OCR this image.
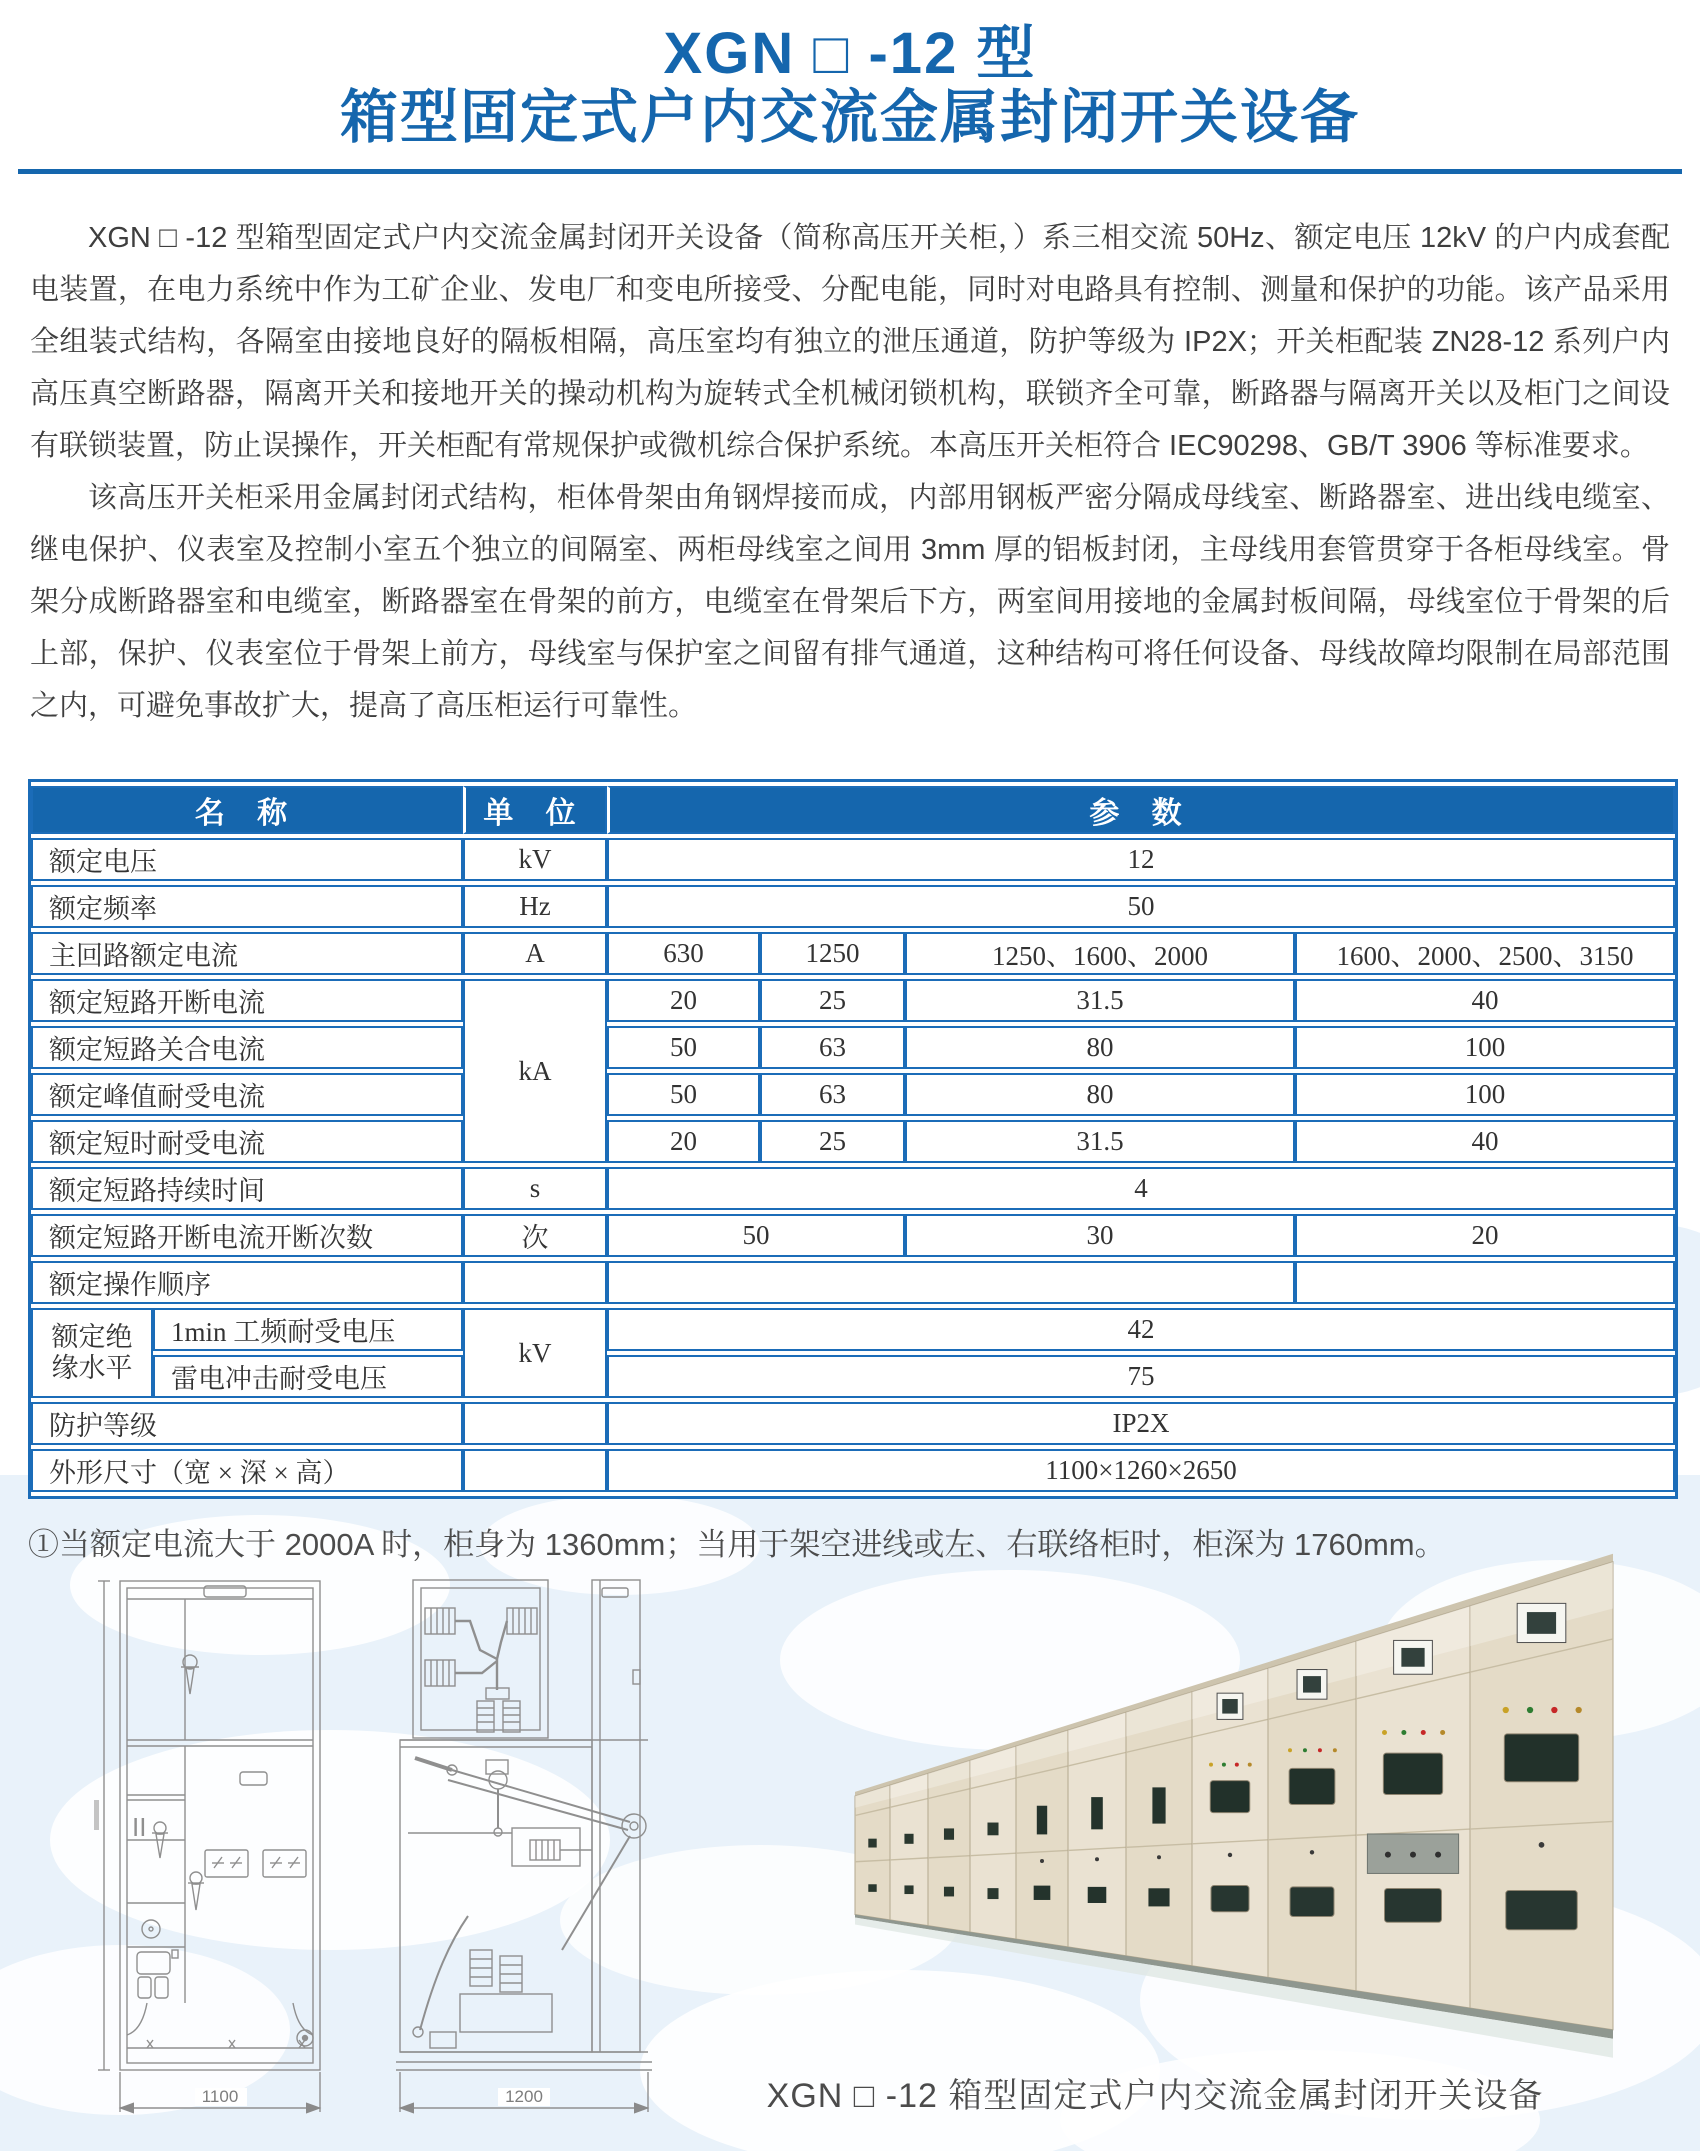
XGN □ -12 型
箱型固定式户内交流金属封闭开关设备

XGN □ -12 型箱型固定式户内交流金属封闭开关设备（简称高压开关柜，）系三相交流 50Hz、额定电压 12kV 的户内成套配电装置，在电力系统中作为工矿企业、发电厂和变电所接受、分配电能，同时对电路具有控制、测量和保护的功能。该产品采用全组装式结构，各隔室由接地良好的隔板相隔，高压室均有独立的泄压通道，防护等级为 IP2X；开关柜配装 ZN28-12 系列户内高压真空断路器，隔离开关和接地开关的操动机构为旋转式全机械闭锁机构，联锁齐全可靠，断路器与隔离开关以及柜门之间设有联锁装置，防止误操作，开关柜配有常规保护或微机综合保护系统。本高压开关柜符合 IEC90298、GB/T 3906 等标准要求。

该高压开关柜采用金属封闭式结构，柜体骨架由角钢焊接而成，内部用钢板严密分隔成母线室、断路器室、进出线电缆室、继电保护、仪表室及控制小室五个独立的间隔室、两柜母线室之间用 3mm 厚的铝板封闭，主母线用套管贯穿于各柜母线室。骨架分成断路器室和电缆室，断路器室在骨架的前方，电缆室在骨架后下方，两室间用接地的金属封板间隔，母线室位于骨架的后上部，保护、仪表室位于骨架上前方，母线室与保护室之间留有排气通道，这种结构可将任何设备、母线故障均限制在局部范围之内，可避免事故扩大，提高了高压柜运行可靠性。

名 称		单 位	参 数			
额定电压		kV	12			
额定频率		Hz	50			
主回路额定电流		A	630	1250	1250、1600、2000	1600、2000、2500、3150
额定短路开断电流		kA	20	25	31.5	40
额定短路关合电流			50	63	80	100
额定峰值耐受电流			50	63	80	100
额定短时耐受电流			20	25	31.5	40
额定短路持续时间		s	4			
额定短路开断电流开断次数		次	50		30	20
额定操作顺序						
额定绝缘水平	1min 工频耐受电压	kV	42			
	雷电冲击耐受电压		75			
防护等级			IP2X			
外形尺寸（宽 × 深 × 高）			1100×1260×2650			

①当额定电流大于 2000A 时，柜身为 1360mm；当用于架空进线或左、右联络柜时，柜深为 1760mm。

II
1100	1200	XGN □ -12 箱型固定式户内交流金属封闭开关设备
